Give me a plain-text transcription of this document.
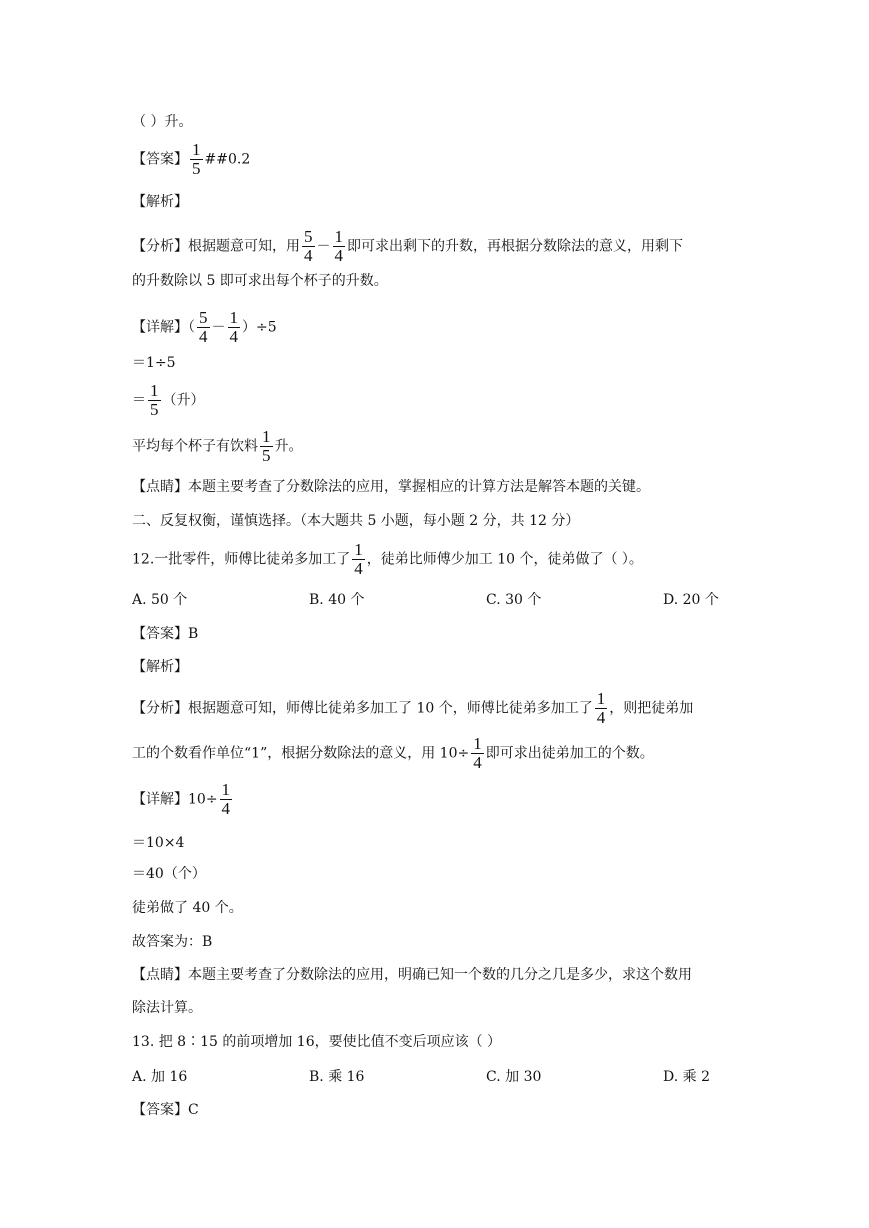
（ ）升。
【答案】 $\frac{1}{5}$ ##0.2
【解析】
【分析】根据题意可知，用 $\frac{5}{4} - \frac{1}{4}$ 即可求出剩下的升数，再根据分数除法的意义，用剩下
的升数除以 5 即可求出每个杯子的升数。
【详解】（ $\frac{5}{4} - \frac{1}{4} )\div 5$
＝1÷5
＝ $\frac{1}{5}$ （升）
平均每个杯子有饮料 $\frac{1}{5}$ 升。
【点睛】本题主要考查了分数除法的应用，掌握相应的计算方法是解答本题的关键。
二、反复权衡，谨慎选择。（本大题共 5 小题，每小题 2 分，共 12 分）
12.一批零件，师傅比徒弟多加工了 $\frac{1}{4}$ ，徒弟比师傅少加工 10 个，徒弟做了（ ）。
A. 50 个	B. 40 个	C. 30 个	D. 20 个
【答案】B
【解析】
【分析】根据题意可知，师傅比徒弟多加工了 10 个，师傅比徒弟多加工了 $\frac{1}{4}$ ，则把徒弟加
工的个数看作单位“1”，根据分数除法的意义，用 $10\div \frac{1}{4}$ 即可求出徒弟加工的个数。
【详解】$10\div \frac{1}{4}$
＝10×4
＝40（个）
徒弟做了 40 个。
故答案为：B
【点睛】本题主要考查了分数除法的应用，明确已知一个数的几分之几是多少，求这个数用
除法计算。
13. 把 8∶15 的前项增加 16，要使比值不变后项应该（ ）
A. 加 16	B. 乘 16	C. 加 30	D. 乘 2
【答案】C
